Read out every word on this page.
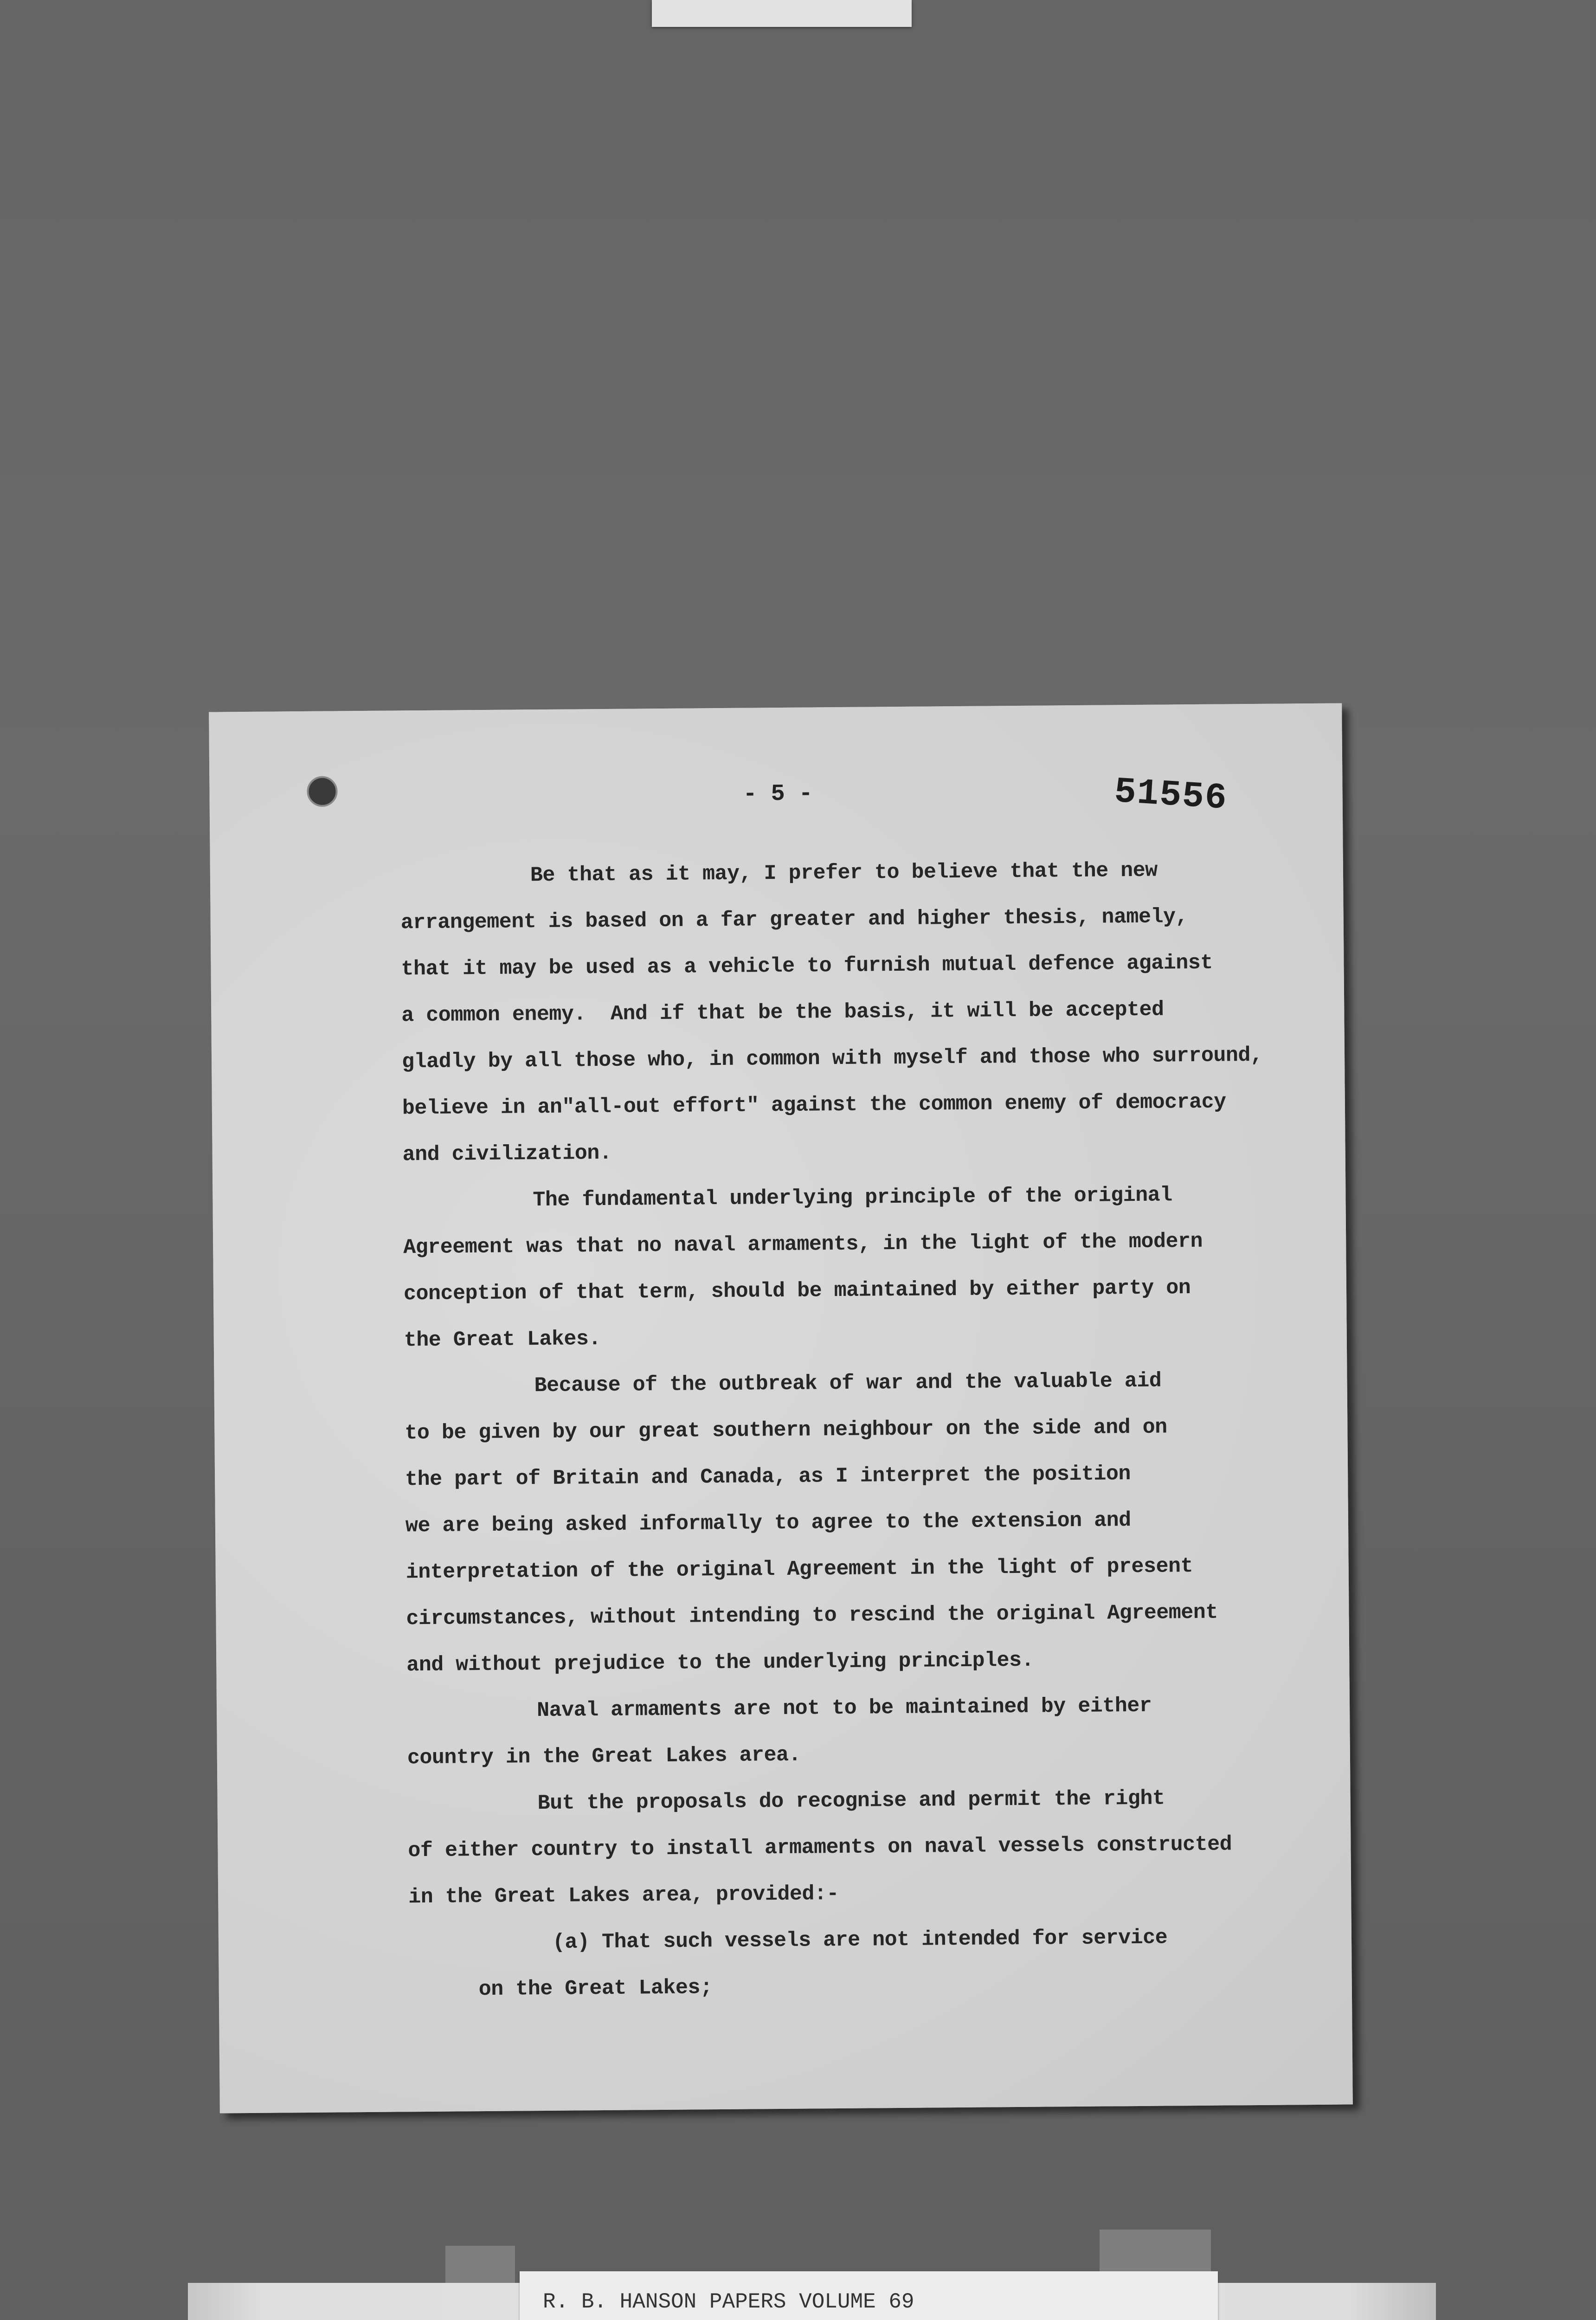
- 5 -	51556
Be that as it may, I prefer to believe that the new
arrangement is based on a far greater and higher thesis, namely,
that it may be used as a vehicle to furnish mutual defence against
a common enemy.  And if that be the basis, it will be accepted
gladly by all those who, in common with myself and those who surround,
believe in an"all-out effort" against the common enemy of democracy
and civilization.
The fundamental underlying principle of the original
Agreement was that no naval armaments, in the light of the modern
conception of that term, should be maintained by either party on
the Great Lakes.
Because of the outbreak of war and the valuable aid
to be given by our great southern neighbour on the side and on
the part of Britain and Canada, as I interpret the position
we are being asked informally to agree to the extension and
interpretation of the original Agreement in the light of present
circumstances, without intending to rescind the original Agreement
and without prejudice to the underlying principles.
Naval armaments are not to be maintained by either
country in the Great Lakes area.
But the proposals do recognise and permit the right
of either country to install armaments on naval vessels constructed
in the Great Lakes area, provided:-
(a) That such vessels are not intended for service
on the Great Lakes;
R. B. HANSON PAPERS VOLUME 69
